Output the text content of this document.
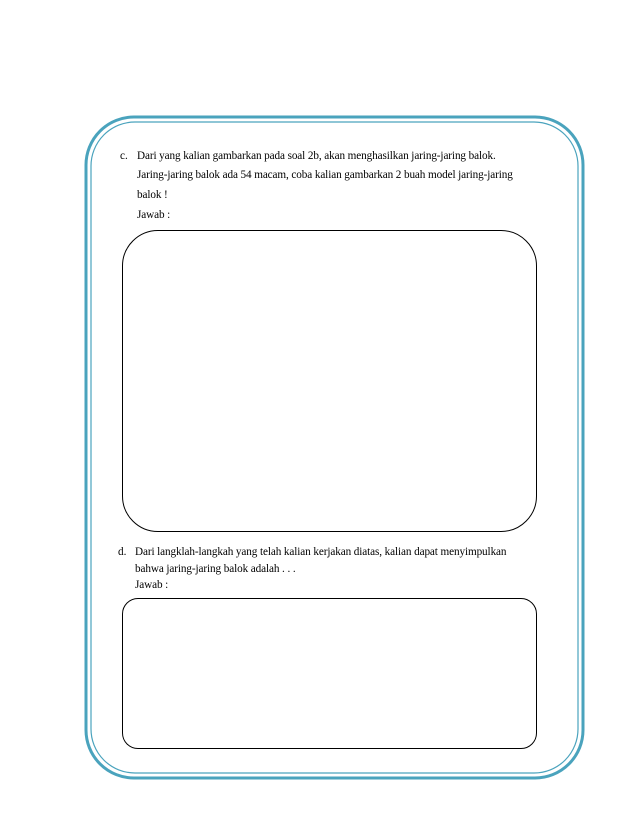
c. Dari yang kalian gambarkan pada soal 2b, akan menghasilkan jaring-jaring balok.
Jaring-jaring balok ada 54 macam, coba kalian gambarkan 2 buah model jaring-jaring
balok !
Jawab :
d. Dari langklah-langkah yang telah kalian kerjakan diatas, kalian dapat menyimpulkan
bahwa jaring-jaring balok adalah . . .
Jawab :
